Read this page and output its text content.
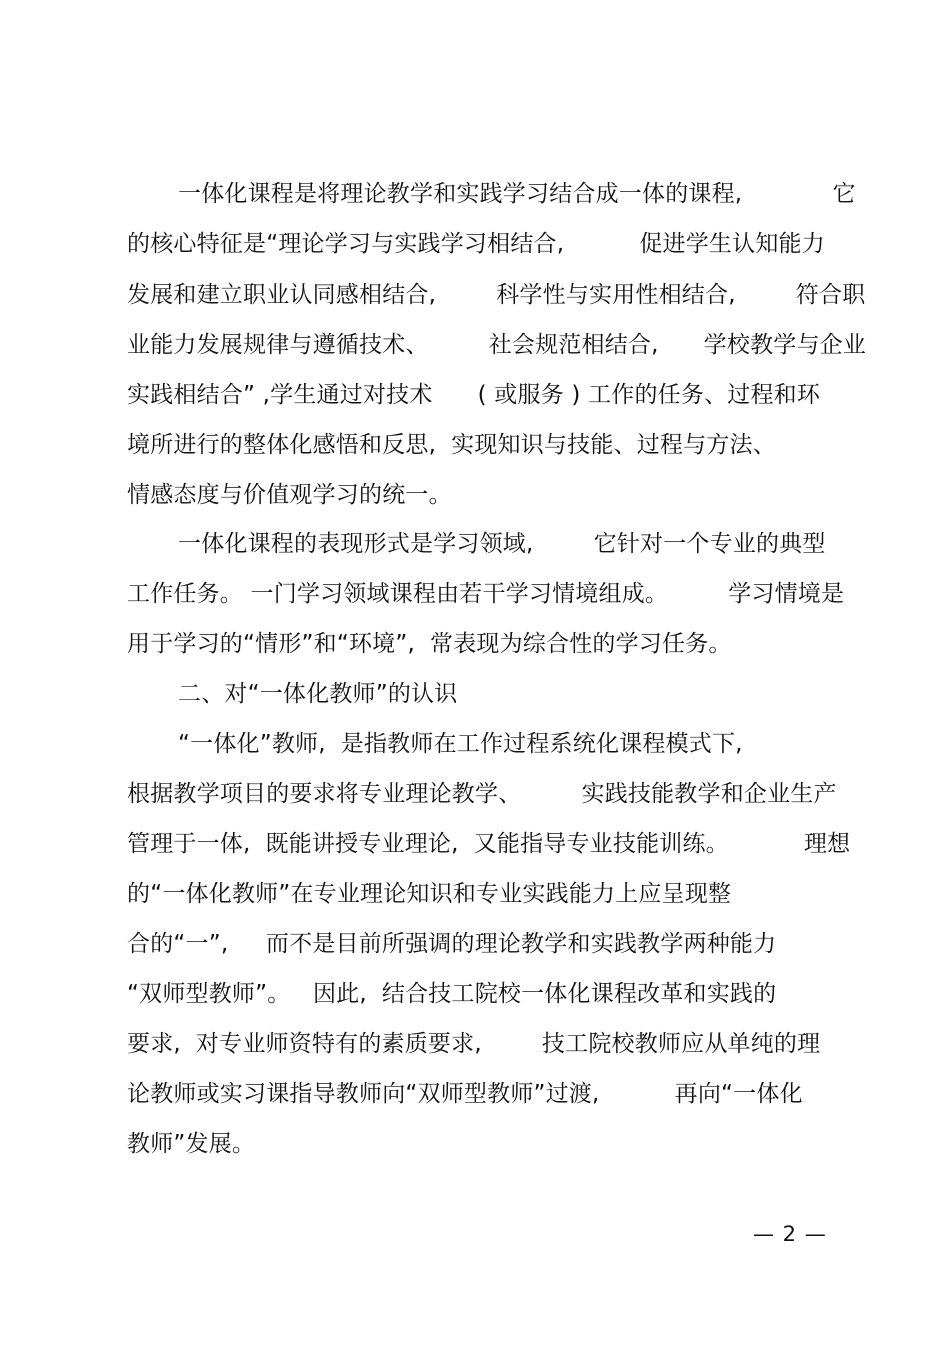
一体化课程是将理论教学和实践学习结合成一体的课程,            它
的核心特征是“理论学习与实践学习相结合,          促进学生认知能力
发展和建立职业认同感相结合,        科学性与实用性相结合,        符合职
业能力发展规律与遵循技术、        社会规范相结合,      学校教学与企业
实践相结合” ,学生通过对技术      ( 或服务 ) 工作的任务、过程和环
境所进行的整体化感悟和反思,  实现知识与技能、过程与方法、
情感态度与价值观学习的统一。
一体化课程的表现形式是学习领域,        它针对一个专业的典型
工作任务。 一门学习领域课程由若干学习情境组成。        学习情境是
用于学习的“情形”和“环境”,  常表现为综合性的学习任务。
二、对“一体化教师”的认识
“一体化”教师,  是指教师在工作过程系统化课程模式下,
根据教学项目的要求将专业理论教学、        实践技能教学和企业生产
管理于一体,  既能讲授专业理论,  又能指导专业技能训练。          理想
的“一体化教师”在专业理论知识和专业实践能力上应呈现整
合的“一”,     而不是目前所强调的理论教学和实践教学两种能力
“双师型教师”。   因此,  结合技工院校一体化课程改革和实践的
要求,  对专业师资特有的素质要求,        技工院校教师应从单纯的理
论教师或实习课指导教师向“双师型教师”过渡,          再向“一体化
教师”发展。
— 2 —
